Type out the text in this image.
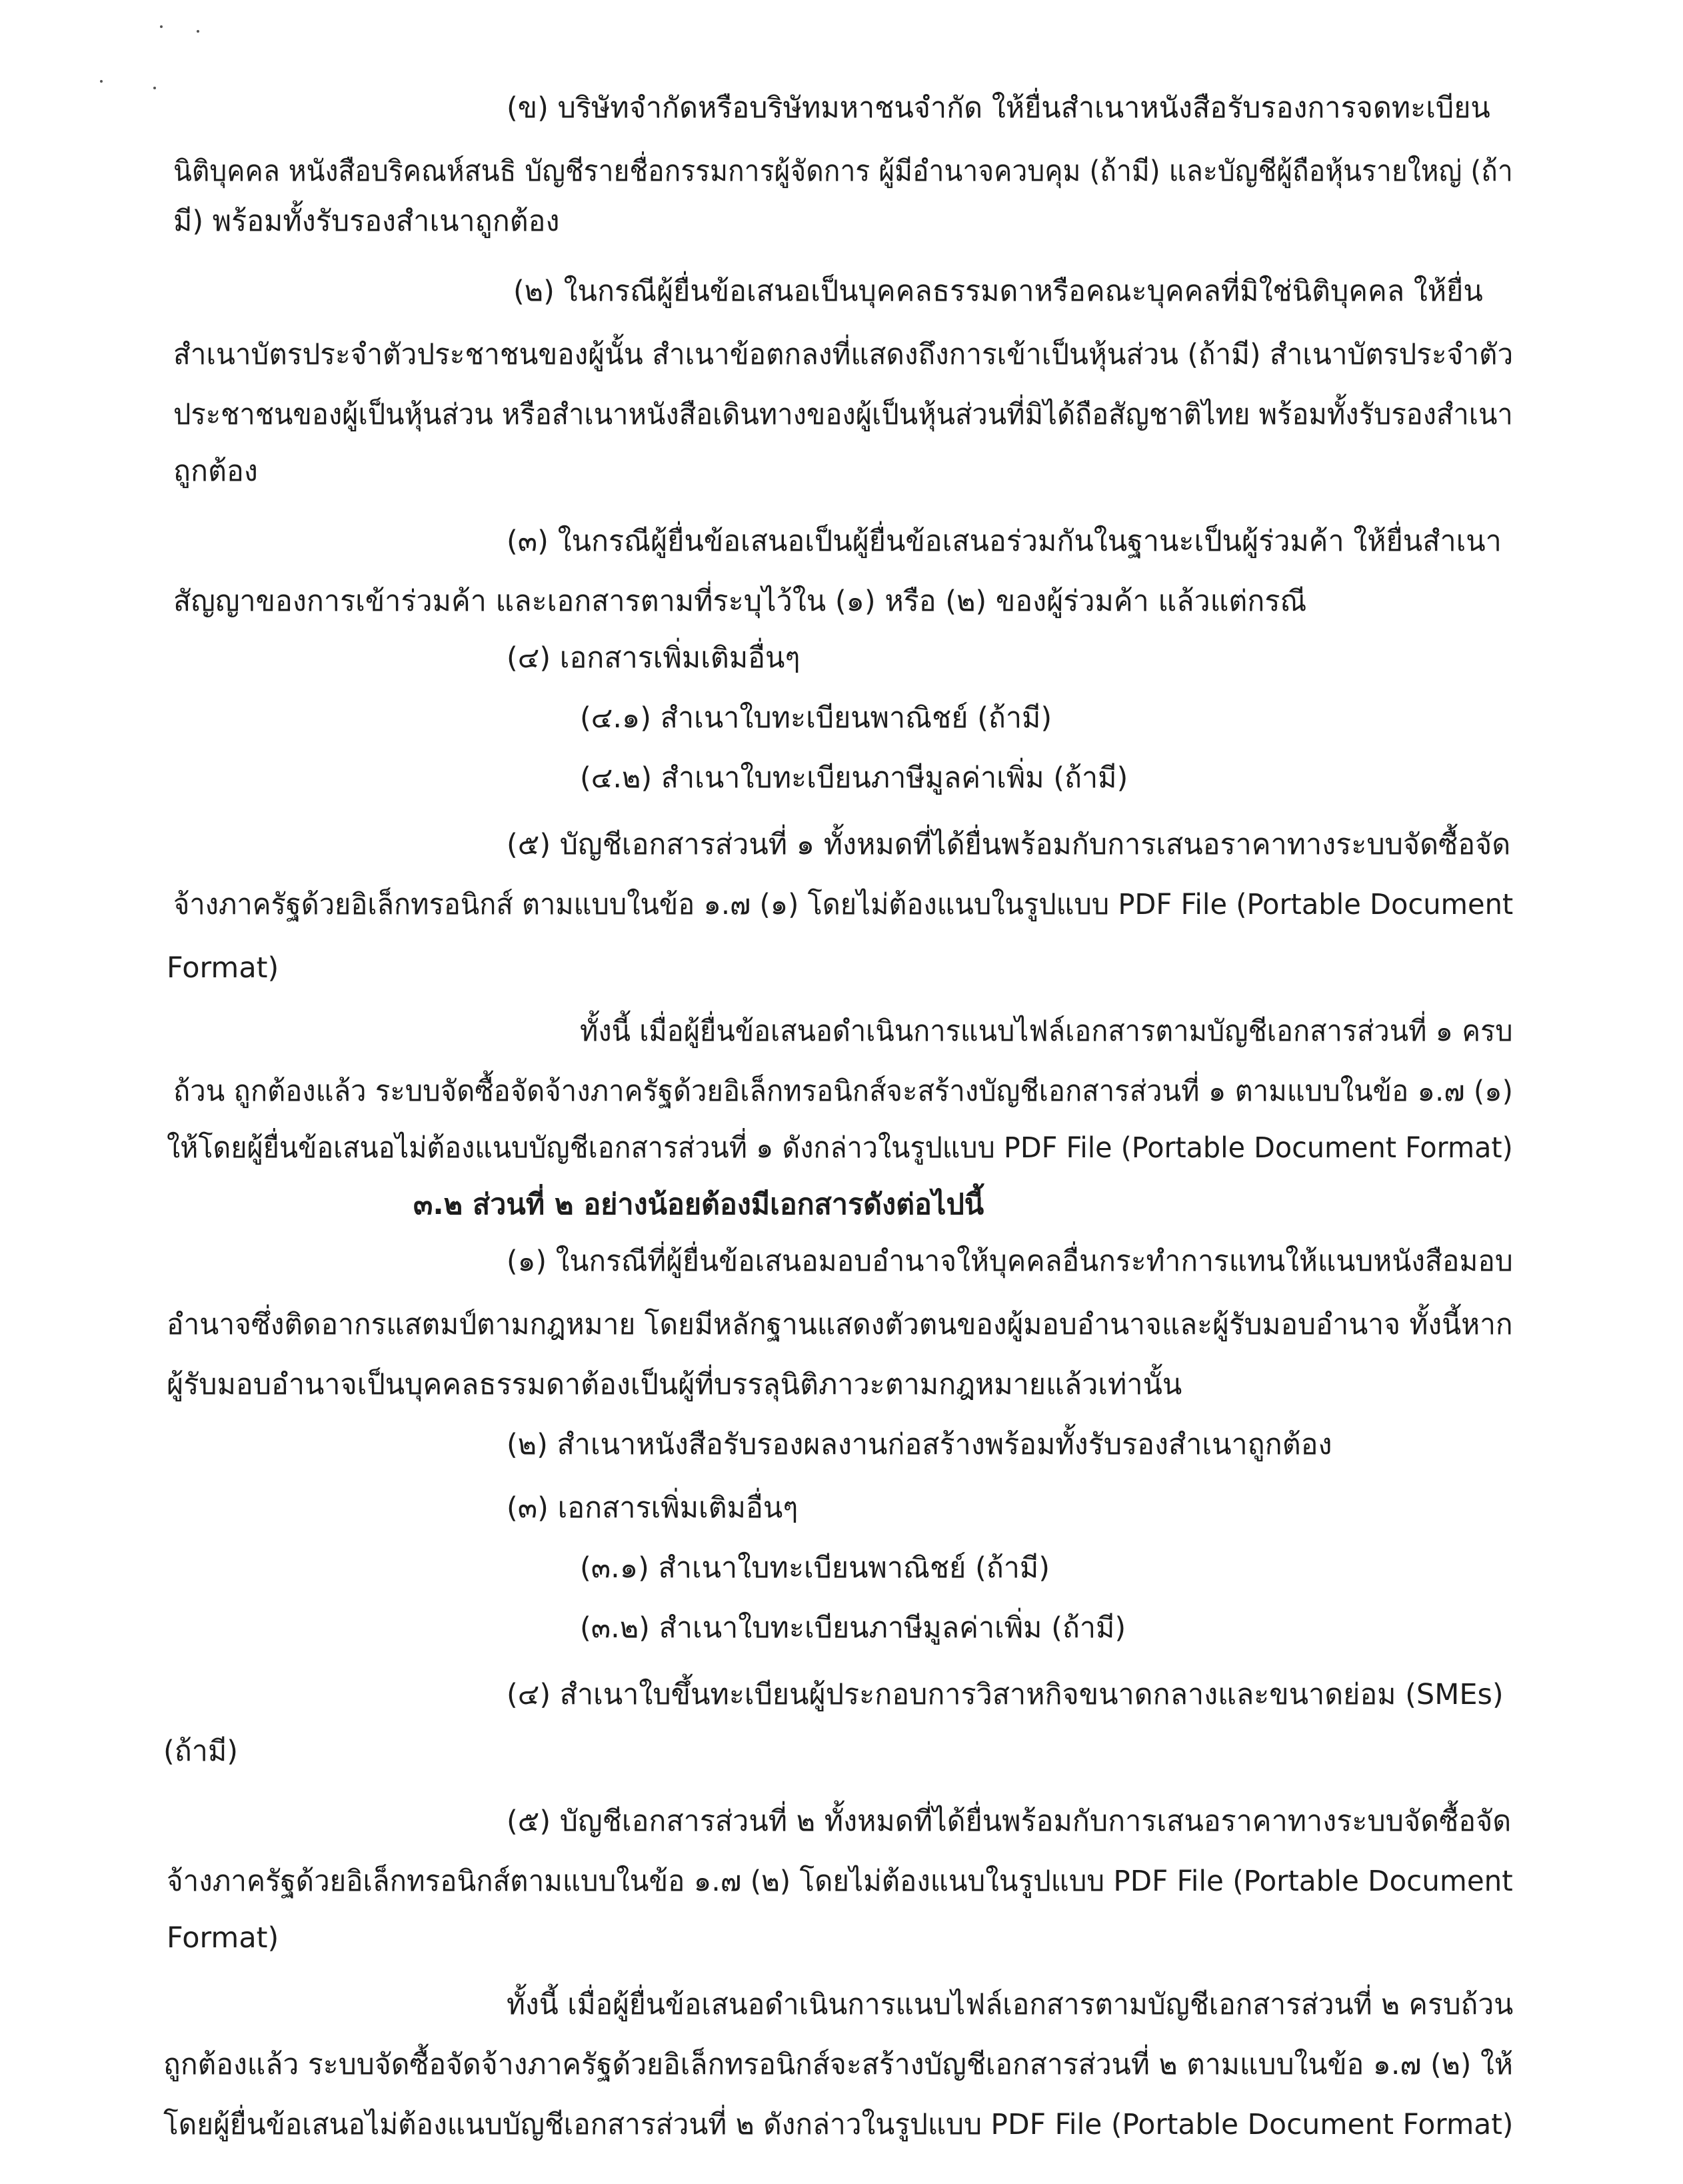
(ข) บริษัทจำกัดหรือบริษัทมหาชนจำกัด ให้ยื่นสำเนาหนังสือรับรองการจดทะเบียน

นิติบุคคล หนังสือบริคณห์สนธิ บัญชีรายชื่อกรรมการผู้จัดการ ผู้มีอำนาจควบคุม (ถ้ามี) และบัญชีผู้ถือหุ้นรายใหญ่ (ถ้า

มี) พร้อมทั้งรับรองสำเนาถูกต้อง

(๒) ในกรณีผู้ยื่นข้อเสนอเป็นบุคคลธรรมดาหรือคณะบุคคลที่มิใช่นิติบุคคล ให้ยื่น

สำเนาบัตรประจำตัวประชาชนของผู้นั้น สำเนาข้อตกลงที่แสดงถึงการเข้าเป็นหุ้นส่วน (ถ้ามี) สำเนาบัตรประจำตัว

ประชาชนของผู้เป็นหุ้นส่วน หรือสำเนาหนังสือเดินทางของผู้เป็นหุ้นส่วนที่มิได้ถือสัญชาติไทย พร้อมทั้งรับรองสำเนา

ถูกต้อง

(๓) ในกรณีผู้ยื่นข้อเสนอเป็นผู้ยื่นข้อเสนอร่วมกันในฐานะเป็นผู้ร่วมค้า ให้ยื่นสำเนา

สัญญาของการเข้าร่วมค้า และเอกสารตามที่ระบุไว้ใน (๑) หรือ (๒) ของผู้ร่วมค้า แล้วแต่กรณี

(๔) เอกสารเพิ่มเติมอื่นๆ

(๔.๑) สำเนาใบทะเบียนพาณิชย์ (ถ้ามี)

(๔.๒) สำเนาใบทะเบียนภาษีมูลค่าเพิ่ม (ถ้ามี)

(๕) บัญชีเอกสารส่วนที่ ๑ ทั้งหมดที่ได้ยื่นพร้อมกับการเสนอราคาทางระบบจัดซื้อจัด

จ้างภาครัฐด้วยอิเล็กทรอนิกส์ ตามแบบในข้อ ๑.๗ (๑) โดยไม่ต้องแนบในรูปแบบ PDF File (Portable Document

Format)

ทั้งนี้ เมื่อผู้ยื่นข้อเสนอดำเนินการแนบไฟล์เอกสารตามบัญชีเอกสารส่วนที่ ๑ ครบ

ถ้วน ถูกต้องแล้ว ระบบจัดซื้อจัดจ้างภาครัฐด้วยอิเล็กทรอนิกส์จะสร้างบัญชีเอกสารส่วนที่ ๑ ตามแบบในข้อ ๑.๗ (๑)

ให้โดยผู้ยื่นข้อเสนอไม่ต้องแนบบัญชีเอกสารส่วนที่ ๑ ดังกล่าวในรูปแบบ PDF File (Portable Document Format)

๓.๒ ส่วนที่ ๒ อย่างน้อยต้องมีเอกสารดังต่อไปนี้

(๑) ในกรณีที่ผู้ยื่นข้อเสนอมอบอำนาจให้บุคคลอื่นกระทำการแทนให้แนบหนังสือมอบ

อำนาจซึ่งติดอากรแสตมป์ตามกฎหมาย โดยมีหลักฐานแสดงตัวตนของผู้มอบอำนาจและผู้รับมอบอำนาจ ทั้งนี้หาก

ผู้รับมอบอำนาจเป็นบุคคลธรรมดาต้องเป็นผู้ที่บรรลุนิติภาวะตามกฎหมายแล้วเท่านั้น

(๒) สำเนาหนังสือรับรองผลงานก่อสร้างพร้อมทั้งรับรองสำเนาถูกต้อง

(๓) เอกสารเพิ่มเติมอื่นๆ

(๓.๑) สำเนาใบทะเบียนพาณิชย์ (ถ้ามี)

(๓.๒) สำเนาใบทะเบียนภาษีมูลค่าเพิ่ม (ถ้ามี)

(๔) สำเนาใบขึ้นทะเบียนผู้ประกอบการวิสาหกิจขนาดกลางและขนาดย่อม (SMEs)

(ถ้ามี)

(๕) บัญชีเอกสารส่วนที่ ๒ ทั้งหมดที่ได้ยื่นพร้อมกับการเสนอราคาทางระบบจัดซื้อจัด

จ้างภาครัฐด้วยอิเล็กทรอนิกส์ตามแบบในข้อ ๑.๗ (๒) โดยไม่ต้องแนบในรูปแบบ PDF File (Portable Document

Format)

ทั้งนี้ เมื่อผู้ยื่นข้อเสนอดำเนินการแนบไฟล์เอกสารตามบัญชีเอกสารส่วนที่ ๒ ครบถ้วน

ถูกต้องแล้ว ระบบจัดซื้อจัดจ้างภาครัฐด้วยอิเล็กทรอนิกส์จะสร้างบัญชีเอกสารส่วนที่ ๒ ตามแบบในข้อ ๑.๗ (๒) ให้

โดยผู้ยื่นข้อเสนอไม่ต้องแนบบัญชีเอกสารส่วนที่ ๒ ดังกล่าวในรูปแบบ PDF File (Portable Document Format)
